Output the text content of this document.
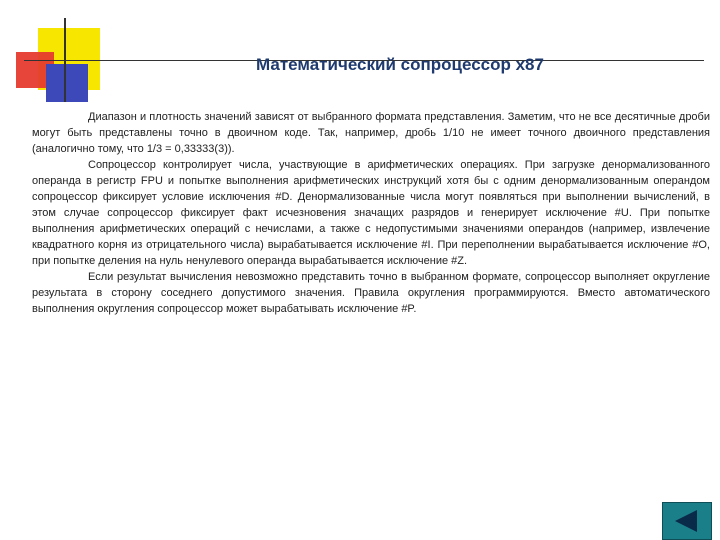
Математический сопроцессор x87

Диапазон и плотность значений зависят от выбранного формата представления. Заметим, что не все десятичные дроби могут быть представлены точно в двоичном коде. Так, например, дробь 1/10 не имеет точного двоичного представления (аналогично тому, что 1/3 = 0,33333(3)).

Сопроцессор контролирует числа, участвующие в арифметических операциях. При загрузке денормализованного операнда в регистр FPU и попытке выполнения арифметических инструкций хотя бы с одним денормализованным операндом сопроцессор фиксирует условие исключения #D. Денормализованные числа могут появляться при выполнении вычислений, в этом случае сопроцессор фиксирует факт исчезновения значащих разрядов и генерирует исключение #U. При попытке выполнения арифметических операций с нечислами, а также с недопустимыми значениями операндов (например, извлечение квадратного корня из отрицательного числа) вырабатывается исключение #I. При переполнении вырабатывается исключение #O, при попытке деления на нуль ненулевого операнда вырабатывается исключение #Z.

Если результат вычисления невозможно представить точно в выбранном формате, сопроцессор выполняет округление результата в сторону соседнего допустимого значения. Правила округления программируются. Вместо автоматического выполнения округления сопроцессор может вырабатывать исключение #P.
